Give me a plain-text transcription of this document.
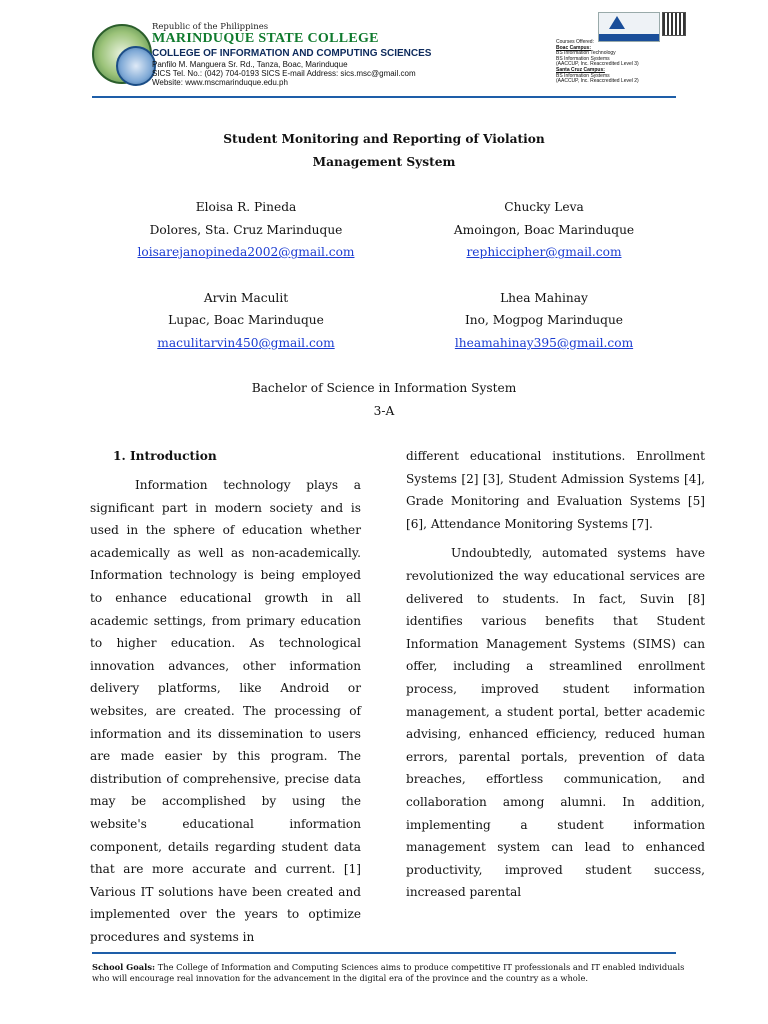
Republic of the Philippines
MARINDUQUE STATE COLLEGE
COLLEGE OF INFORMATION AND COMPUTING SCIENCES
Panfilo M. Manguera Sr. Rd., Tanza, Boac, Marinduque
SICS Tel. No.: (042) 704-0193 SICS E-mail Address: sics.msc@gmail.com
Website: www.mscmarinduque.edu.ph
Courses Offered:
Boac Campus:
BS Information Technology
BS Information Systems
(AACCUP, Inc. Reaccredited Level 3)
Santa Cruz Campus:
BS Information Systems
(AACCUP, Inc. Reaccredited Level 2)
Student Monitoring and Reporting of Violation
Management System
Eloisa R. Pineda
Dolores, Sta. Cruz Marinduque
loisarejanopineda2002@gmail.com
Chucky Leva
Amoingon, Boac Marinduque
rephiccipher@gmail.com
Arvin Maculit
Lupac, Boac Marinduque
maculitarvin450@gmail.com
Lhea Mahinay
Ino, Mogpog Marinduque
lheamahinay395@gmail.com
Bachelor of Science in Information System
3-A
1. Introduction

Information technology plays a significant part in modern society and is used in the sphere of education whether academically as well as non-academically. Information technology is being employed to enhance educational growth in all academic settings, from primary education to higher education. As technological innovation advances, other information delivery platforms, like Android or websites, are created. The processing of information and its dissemination to users are made easier by this program. The distribution of comprehensive, precise data may be accomplished by using the website's educational information component, details regarding student data that are more accurate and current. [1] Various IT solutions have been created and implemented over the years to optimize procedures and systems in

different educational institutions. Enrollment Systems [2] [3], Student Admission Systems [4], Grade Monitoring and Evaluation Systems [5] [6], Attendance Monitoring Systems [7].

Undoubtedly, automated systems have revolutionized the way educational services are delivered to students. In fact, Suvin [8] identifies various benefits that Student Information Management Systems (SIMS) can offer, including a streamlined enrollment process, improved student information management, a student portal, better academic advising, enhanced efficiency, reduced human errors, parental portals, prevention of data breaches, effortless communication, and collaboration among alumni. In addition, implementing a student information management system can lead to enhanced productivity, improved student success, increased parental

School Goals: The College of Information and Computing Sciences aims to produce competitive IT professionals and IT enabled individuals who will encourage real innovation for the advancement in the digital era of the province and the country as a whole.
